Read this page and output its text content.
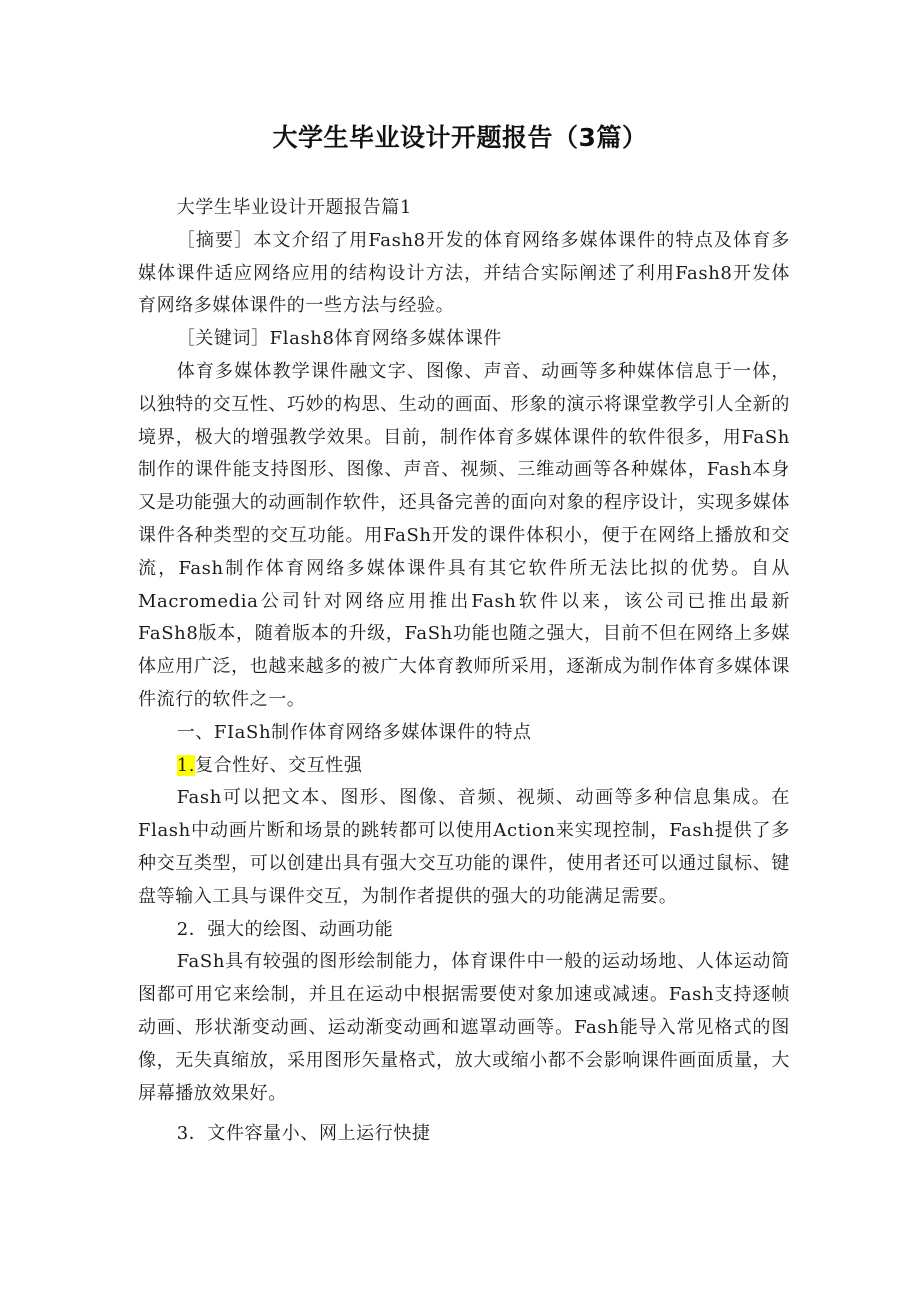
大学生毕业设计开题报告（3篇）

大学生毕业设计开题报告篇1

［摘要］本文介绍了用Fash8开发的体育网络多媒体课件的特点及体育多媒体课件适应网络应用的结构设计方法，并结合实际阐述了利用Fash8开发体育网络多媒体课件的一些方法与经验。

［关键词］Flash8体育网络多媒体课件

体育多媒体教学课件融文字、图像、声音、动画等多种媒体信息于一体，以独特的交互性、巧妙的构思、生动的画面、形象的演示将课堂教学引人全新的境界，极大的增强教学效果。目前，制作体育多媒体课件的软件很多，用FaSh制作的课件能支持图形、图像、声音、视频、三维动画等各种媒体，Fash本身又是功能强大的动画制作软件，还具备完善的面向对象的程序设计，实现多媒体课件各种类型的交互功能。用FaSh开发的课件体积小，便于在网络上播放和交流，Fash制作体育网络多媒体课件具有其它软件所无法比拟的优势。自从Macromedia公司针对网络应用推出Fash软件以来，该公司已推出最新FaSh8版本，随着版本的升级，FaSh功能也随之强大，目前不但在网络上多媒体应用广泛，也越来越多的被广大体育教师所采用，逐渐成为制作体育多媒体课件流行的软件之一。

一、FIaSh制作体育网络多媒体课件的特点

1.复合性好、交互性强

Fash可以把文本、图形、图像、音频、视频、动画等多种信息集成。在Flash中动画片断和场景的跳转都可以使用Action来实现控制，Fash提供了多种交互类型，可以创建出具有强大交互功能的课件，使用者还可以通过鼠标、键盘等输入工具与课件交互，为制作者提供的强大的功能满足需要。

2．强大的绘图、动画功能

FaSh具有较强的图形绘制能力，体育课件中一般的运动场地、人体运动简图都可用它来绘制，并且在运动中根据需要使对象加速或减速。Fash支持逐帧动画、形状渐变动画、运动渐变动画和遮罩动画等。Fash能导入常见格式的图像，无失真缩放，采用图形矢量格式，放大或缩小都不会影响课件画面质量，大屏幕播放效果好。

3．文件容量小、网上运行快捷
